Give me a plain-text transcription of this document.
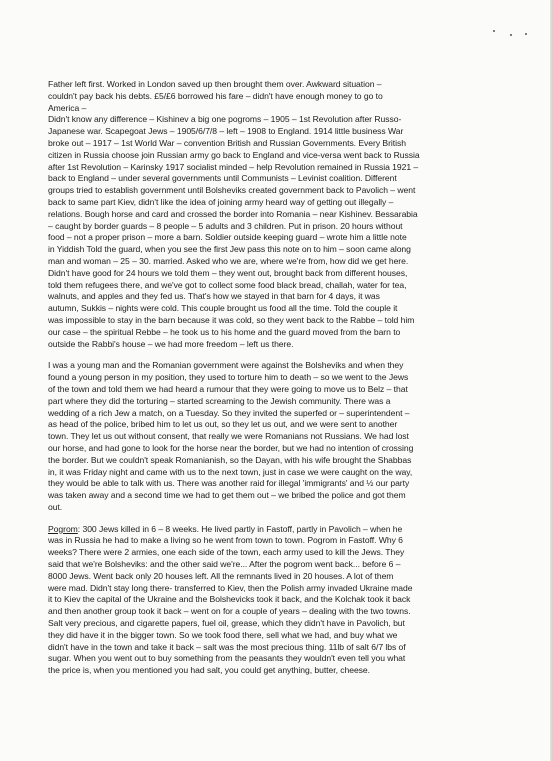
Father left first. Worked in London saved up then brought them over. Awkward situation –
couldn't pay back his debts. £5/£6 borrowed his fare – didn't have enough money to go to
America –
Didn't know any difference – Kishinev a big one pogroms – 1905 – 1st Revolution after Russo-
Japanese war. Scapegoat Jews – 1905/6/7/8 – left – 1908 to England. 1914 little business War
broke out – 1917 – 1st World War – convention British and Russian Governments. Every British
citizen in Russia choose join Russian army go back to England and vice-versa went back to Russia
after 1st Revolution – Karinsky 1917 socialist minded – help Revolution remained in Russia 1921 –
back to England – under several governments until Communists – Levinist coalition. Different
groups tried to establish government until Bolsheviks created government back to Pavolich – went
back to same part Kiev, didn't like the idea of joining army heard way of getting out illegally –
relations. Bough horse and card and crossed the border into Romania – near Kishinev. Bessarabia
– caught by border guards – 8 people – 5 adults and 3 children. Put in prison. 20 hours without
food – not a proper prison – more a barn. Soldier outside keeping guard – wrote him a little note
in Yiddish Told the guard, when you see the first Jew pass this note on to him – soon came along
man and woman – 25 – 30. married. Asked who we are, where we're from, how did we get here.
Didn't have good for 24 hours we told them – they went out, brought back from different houses,
told them refugees there, and we've got to collect some food black bread, challah, water for tea,
walnuts, and apples and they fed us. That's how we stayed in that barn for 4 days, it was
autumn, Sukkis – nights were cold. This couple brought us food all the time. Told the couple it
was impossible to stay in the barn because it was cold, so they went back to the Rabbe – told him
our case – the spiritual Rebbe – he took us to his home and the guard moved from the barn to
outside the Rabbi's house – we had more freedom – left us there.
I was a young man and the Romanian government were against the Bolsheviks and when they
found a young person in my position, they used to torture him to death – so we went to the Jews
of the town and told them we had heard a rumour that they were going to move us to Belz – that
part where they did the torturing – started screaming to the Jewish community. There was a
wedding of a rich Jew a match, on a Tuesday. So they invited the superfed or – superintendent –
as head of the police, bribed him to let us out, so they let us out, and we were sent to another
town. They let us out without consent, that really we were Romanians not Russians. We had lost
our horse, and had gone to look for the horse near the border, but we had no intention of crossing
the border. But we couldn't speak Romanianish, so the Dayan, with his wife brought the Shabbas
in, it was Friday night and came with us to the next town, just in case we were caught on the way,
they would be able to talk with us. There was another raid for illegal 'immigrants' and ½ our party
was taken away and a second time we had to get them out – we bribed the police and got them
out.
Pogrom: 300 Jews killed in 6 – 8 weeks. He lived partly in Fastoff, partly in Pavolich – when he
was in Russia he had to make a living so he went from town to town. Pogrom in Fastoff. Why 6
weeks? There were 2 armies, one each side of the town, each army used to kill the Jews. They
said that we're Bolsheviks: and the other said we're... After the pogrom went back... before 6 –
8000 Jews. Went back only 20 houses left. All the remnants lived in 20 houses. A lot of them
were mad. Didn't stay long there- transferred to Kiev, then the Polish army invaded Ukraine made
it to Kiev the capital of the Ukraine and the Bolshevicks took it back, and the Kolchak took it back
and then another group took it back – went on for a couple of years – dealing with the two towns.
Salt very precious, and cigarette papers, fuel oil, grease, which they didn't have in Pavolich, but
they did have it in the bigger town. So we took food there, sell what we had, and buy what we
didn't have in the town and take it back – salt was the most precious thing. 11lb of salt 6/7 lbs of
sugar. When you went out to buy something from the peasants they wouldn't even tell you what
the price is, when you mentioned you had salt, you could get anything, butter, cheese.
